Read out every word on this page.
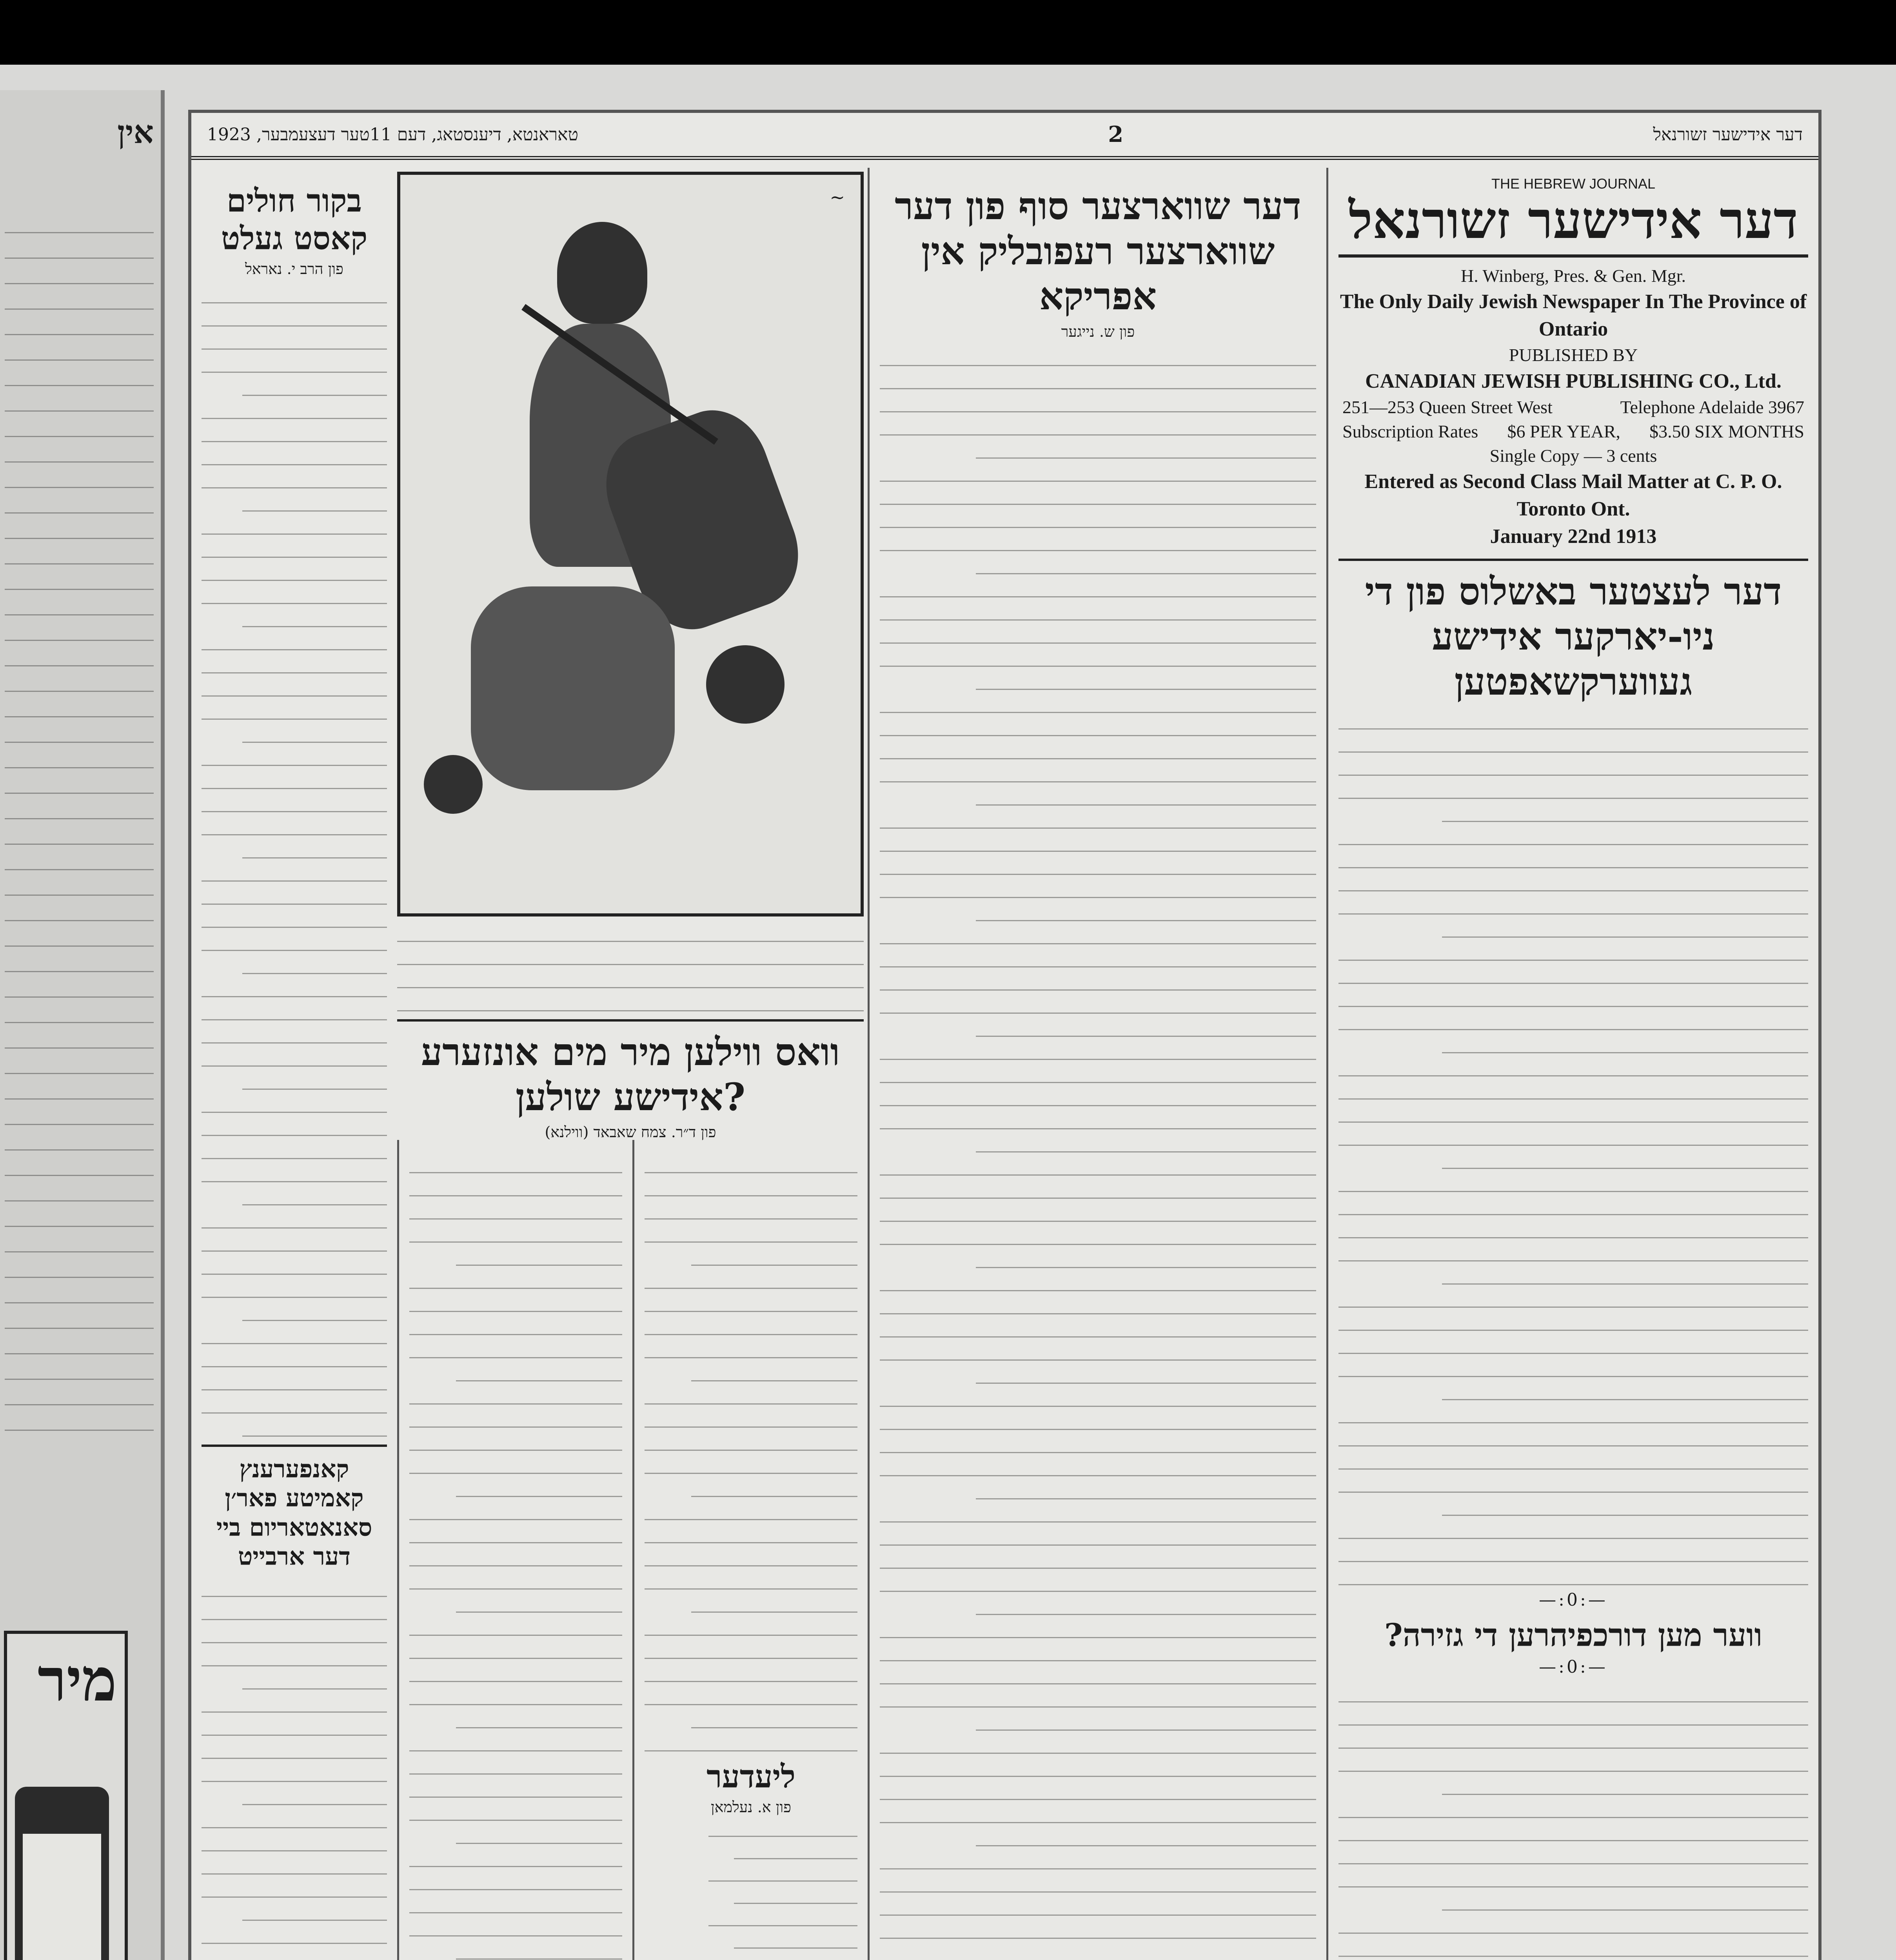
אין
מיר
דער אידישער זשורנאל
2
טאראנטא, דיענסטאג, דעם 11טער דעצעמבער, 1923
THE HEBREW JOURNAL
דער אידישער זשורנאל
H. Winberg, Pres. & Gen. Mgr.
The Only Daily Jewish Newspaper In The Province of Ontario
PUBLISHED BY
CANADIAN JEWISH PUBLISHING CO., Ltd.
251—253 Queen Street West	Telephone Adelaide 3967
Subscription Rates $6 PER YEAR, $3.50 SIX MONTHS
Single Copy — 3 cents
Entered as Second Class Mail Matter at C. P. O. Toronto Ont.
January 22nd 1913
דער לעצטער באשלוס פון די ניו-יארקער אידישע געווערקשאפטען
—:0:—
ווער מען דורכפיהרען די גזירה?
—:0:—
דער שווארצער סוף פון דער שווארצער רעפובליק אין אפריקא
פון ש. נייגער
~
וואס ווילען מיר מים אונזערע אידישע שולען?
פון ד״ר. צמח שאבאד (ווילנא)
ליעדער
פון א. נעלמאן
בקור חולים קאסט געלט
פון הרב י. נאראל
קאנפערענץ קאמיטע פאר׳ן סאנאטאריום ביי דער ארבייט
